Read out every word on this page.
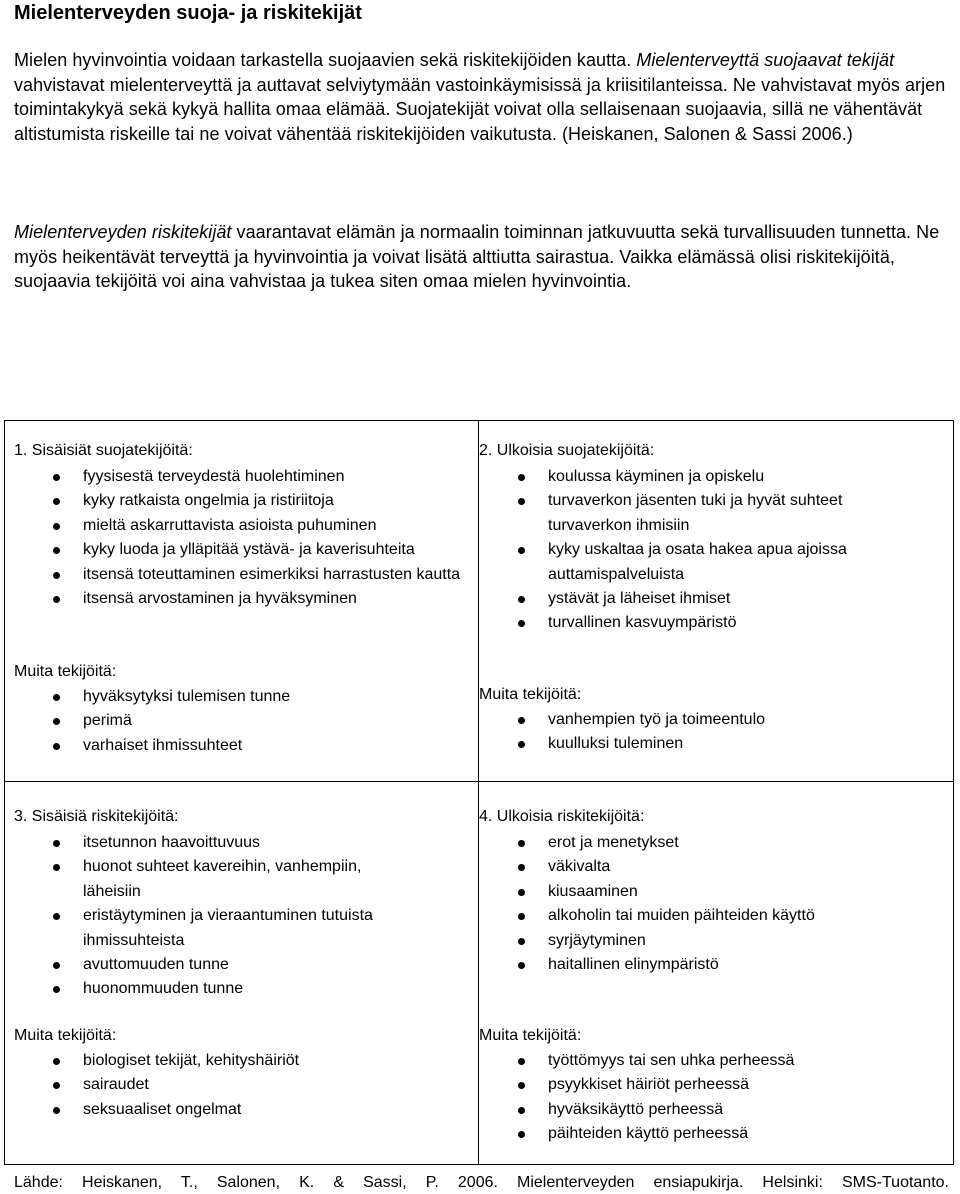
Mielenterveyden suoja- ja riskitekijät
Mielen hyvinvointia voidaan tarkastella suojaavien sekä riskitekijöiden kautta. Mielenterveyttä suojaavat tekijät vahvistavat mielenterveyttä ja auttavat selviytymään vastoinkäymisissä ja kriisitilanteissa. Ne vahvistavat myös arjen toimintakykyä sekä kykyä hallita omaa elämää. Suojatekijät voivat olla sellaisenaan suojaavia, sillä ne vähentävät altistumista riskeille tai ne voivat vähentää riskitekijöiden vaikutusta. (Heiskanen, Salonen & Sassi 2006.)
Mielenterveyden riskitekijät vaarantavat elämän ja normaalin toiminnan jatkuvuutta sekä turvallisuuden tunnetta. Ne myös heikentävät terveyttä ja hyvinvointia ja voivat lisätä alttiutta sairastua. Vaikka elämässä olisi riskitekijöitä, suojaavia tekijöitä voi aina vahvistaa ja tukea siten omaa mielen hyvinvointia.
1. Sisäisiät suojatekijöitä:
fyysisestä terveydestä huolehtiminen
kyky ratkaista ongelmia ja ristiriitoja
mieltä askarruttavista asioista puhuminen
kyky luoda ja ylläpitää ystävä- ja kaverisuhteita
itsensä toteuttaminen esimerkiksi harrastusten kautta
itsensä arvostaminen ja hyväksyminen
Muita tekijöitä:
hyväksytyksi tulemisen tunne
perimä
varhaiset ihmissuhteet
2. Ulkoisia suojatekijöitä:
koulussa käyminen ja opiskelu
turvaverkon jäsenten tuki ja hyvät suhteet turvaverkon ihmisiin
kyky uskaltaa ja osata hakea apua ajoissa auttamispalveluista
ystävät ja läheiset ihmiset
turvallinen kasvuympäristö
Muita tekijöitä:
vanhempien työ ja toimeentulo
kuulluksi tuleminen
3. Sisäisiä riskitekijöitä:
itsetunnon haavoittuvuus
huonot suhteet kavereihin, vanhempiin, läheisiin
eristäytyminen ja vieraantuminen tutuista ihmissuhteista
avuttomuuden tunne
huonommuuden tunne
Muita tekijöitä:
biologiset tekijät, kehityshäiriöt
sairaudet
seksuaaliset ongelmat
4. Ulkoisia riskitekijöitä:
erot ja menetykset
väkivalta
kiusaaminen
alkoholin tai muiden päihteiden käyttö
syrjäytyminen
haitallinen elinympäristö
Muita tekijöitä:
työttömyys tai sen uhka perheessä
psyykkiset häiriöt perheessä
hyväksikäyttö perheessä
päihteiden käyttö perheessä
Lähde: Heiskanen, T., Salonen, K. & Sassi, P. 2006. Mielenterveyden ensiapukirja. Helsinki: SMS-Tuotanto.
